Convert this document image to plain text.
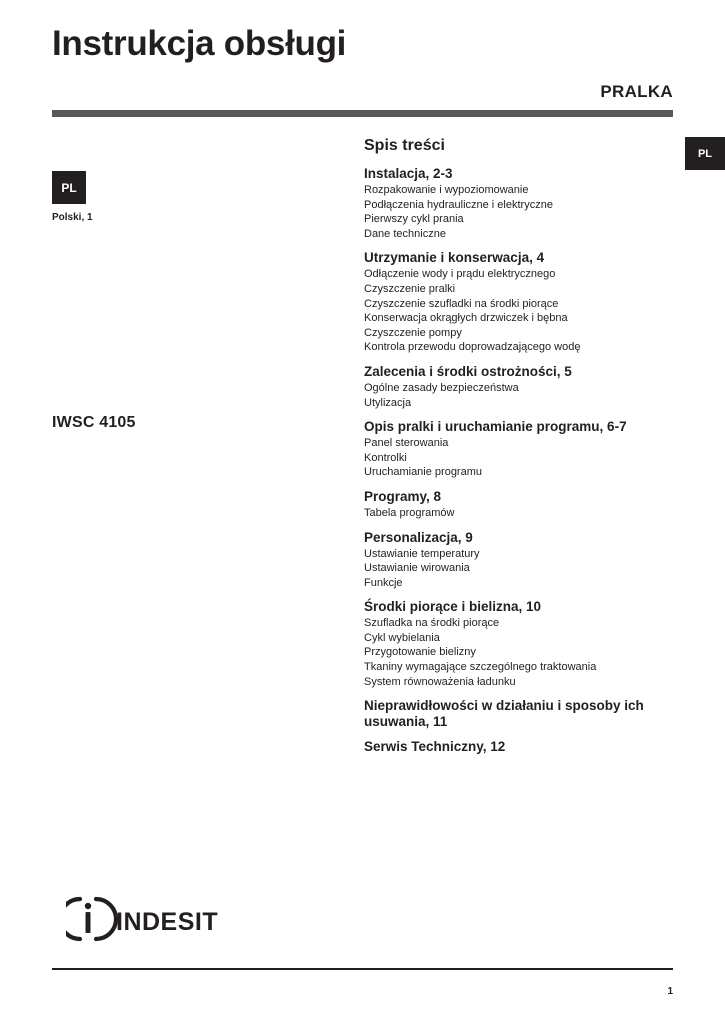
Instrukcja obsługi
PRALKA
PL
PL
Polski, 1
IWSC 4105
Spis treści
Instalacja, 2-3
Rozpakowanie i wypoziomowanie
Podłączenia hydrauliczne i elektryczne
Pierwszy cykl prania
Dane techniczne
Utrzymanie i konserwacja, 4
Odłączenie wody i prądu elektrycznego
Czyszczenie pralki
Czyszczenie szufladki na środki piorące
Konserwacja okrągłych drzwiczek i bębna
Czyszczenie pompy
Kontrola przewodu doprowadzającego wodę
Zalecenia i środki ostrożności, 5
Ogólne zasady bezpieczeństwa
Utylizacja
Opis pralki i uruchamianie programu, 6-7
Panel sterowania
Kontrolki
Uruchamianie programu
Programy, 8
Tabela programów
Personalizacja, 9
Ustawianie temperatury
Ustawianie wirowania
Funkcje
Środki piorące i bielizna, 10
Szufladka na środki piorące
Cykl wybielania
Przygotowanie bielizny
Tkaniny wymagające szczególnego traktowania
System równoważenia ładunku
Nieprawidłowości w działaniu i sposoby ich usuwania, 11
Serwis Techniczny, 12
INDESIT
1
